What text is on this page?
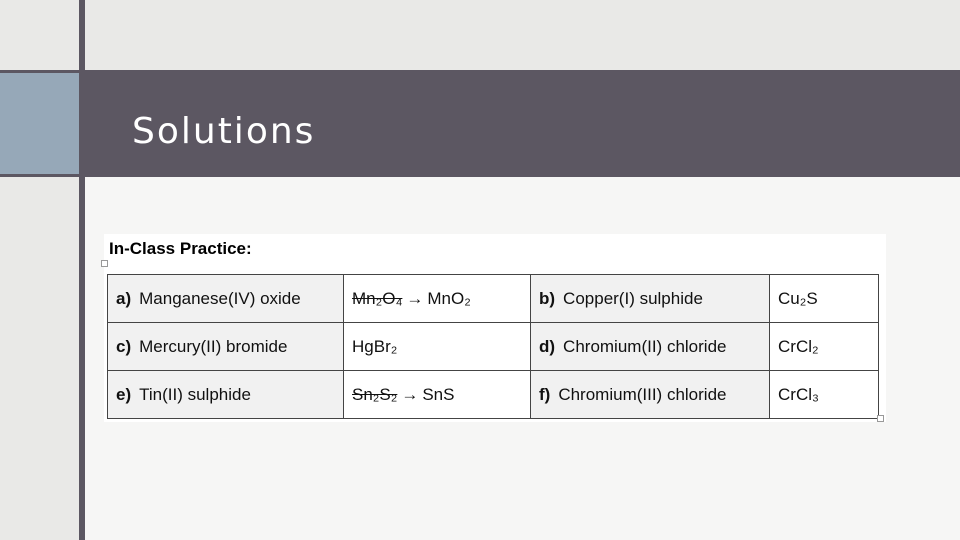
Solutions
In-Class Practice:
a) Manganese(IV) oxide	Mn₂O₄ → MnO₂	b) Copper(I) sulphide	Cu₂S
c) Mercury(II) bromide	HgBr₂	d) Chromium(II) chloride	CrCl₂
e) Tin(II) sulphide	Sn₂S₂ → SnS	f) Chromium(III) chloride	CrCl₃
